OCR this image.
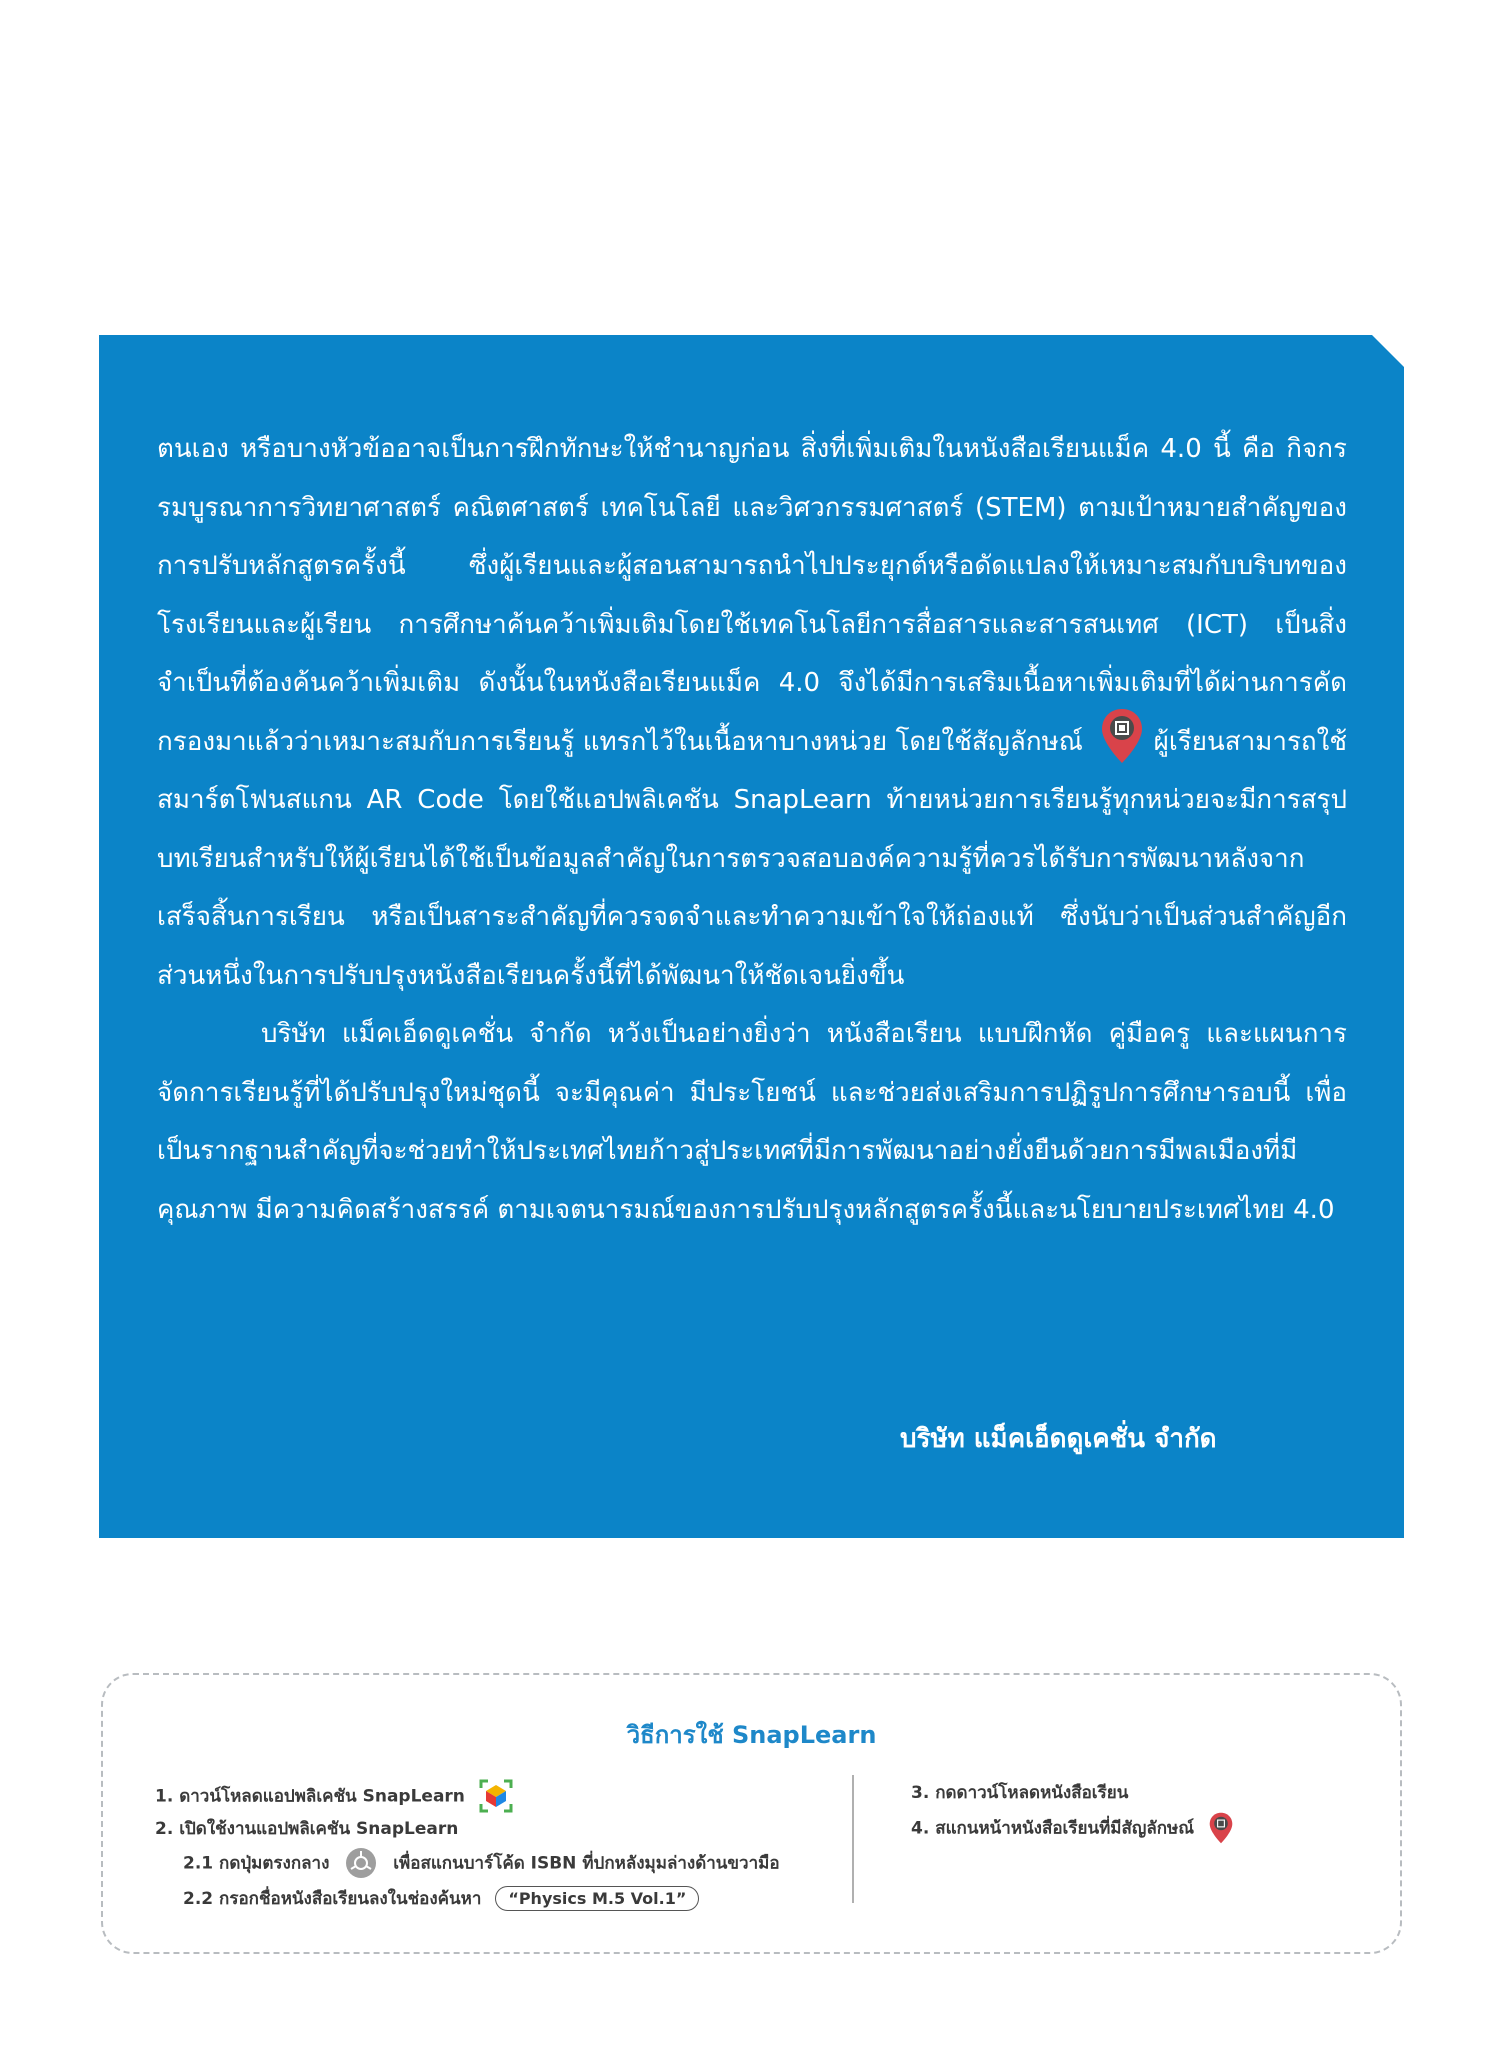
ตนเอง หรือบางหัวข้ออาจเป็นการฝึกทักษะให้ชำนาญก่อน สิ่งที่เพิ่มเติมในหนังสือเรียนแม็ค 4.0 นี้ คือ กิจกรรมบูรณาการวิทยาศาสตร์ คณิตศาสตร์ เทคโนโลยี และวิศวกรรมศาสตร์ (STEM) ตามเป้าหมายสำคัญของการปรับหลักสูตรครั้งนี้ ซึ่งผู้เรียนและผู้สอนสามารถนำไปประยุกต์หรือดัดแปลงให้เหมาะสมกับบริบทของโรงเรียนและผู้เรียน การศึกษาค้นคว้าเพิ่มเติมโดยใช้เทคโนโลยีการสื่อสารและสารสนเทศ (ICT) เป็นสิ่งจำเป็นที่ต้องค้นคว้าเพิ่มเติม ดังนั้นในหนังสือเรียนแม็ค 4.0 จึงได้มีการเสริมเนื้อหาเพิ่มเติมที่ได้ผ่านการคัดกรองมาแล้วว่าเหมาะสมกับการเรียนรู้ แทรกไว้ในเนื้อหาบางหน่วย โดยใช้สัญลักษณ์	ผู้เรียนสามารถใช้สมาร์ตโฟนสแกน AR Code โดยใช้แอปพลิเคชัน SnapLearn ท้ายหน่วยการเรียนรู้ทุกหน่วยจะมีการสรุปบทเรียนสำหรับให้ผู้เรียนได้ใช้เป็นข้อมูลสำคัญในการตรวจสอบองค์ความรู้ที่ควรได้รับการพัฒนาหลังจากเสร็จสิ้นการเรียน หรือเป็นสาระสำคัญที่ควรจดจำและทำความเข้าใจให้ถ่องแท้ ซึ่งนับว่าเป็นส่วนสำคัญอีกส่วนหนึ่งในการปรับปรุงหนังสือเรียนครั้งนี้ที่ได้พัฒนาให้ชัดเจนยิ่งขึ้น

บริษัท แม็คเอ็ดดูเคชั่น จำกัด หวังเป็นอย่างยิ่งว่า หนังสือเรียน แบบฝึกหัด คู่มือครู และแผนการจัดการเรียนรู้ที่ได้ปรับปรุงใหม่ชุดนี้ จะมีคุณค่า มีประโยชน์ และช่วยส่งเสริมการปฏิรูปการศึกษารอบนี้ เพื่อเป็นรากฐานสำคัญที่จะช่วยทำให้ประเทศไทยก้าวสู่ประเทศที่มีการพัฒนาอย่างยั่งยืนด้วยการมีพลเมืองที่มีคุณภาพ มีความคิดสร้างสรรค์ ตามเจตนารมณ์ของการปรับปรุงหลักสูตรครั้งนี้และนโยบายประเทศไทย 4.0

บริษัท แม็คเอ็ดดูเคชั่น จำกัด
วิธีการใช้ SnapLearn
1. ดาวน์โหลดแอปพลิเคชัน SnapLearn
2. เปิดใช้งานแอปพลิเคชัน SnapLearn
2.1 กดปุ่มตรงกลาง	เพื่อสแกนบาร์โค้ด ISBN ที่ปกหลังมุมล่างด้านขวามือ
2.2 กรอกชื่อหนังสือเรียนลงในช่องค้นหา “Physics M.5 Vol.1”
3. กดดาวน์โหลดหนังสือเรียน
4. สแกนหน้าหนังสือเรียนที่มีสัญลักษณ์
